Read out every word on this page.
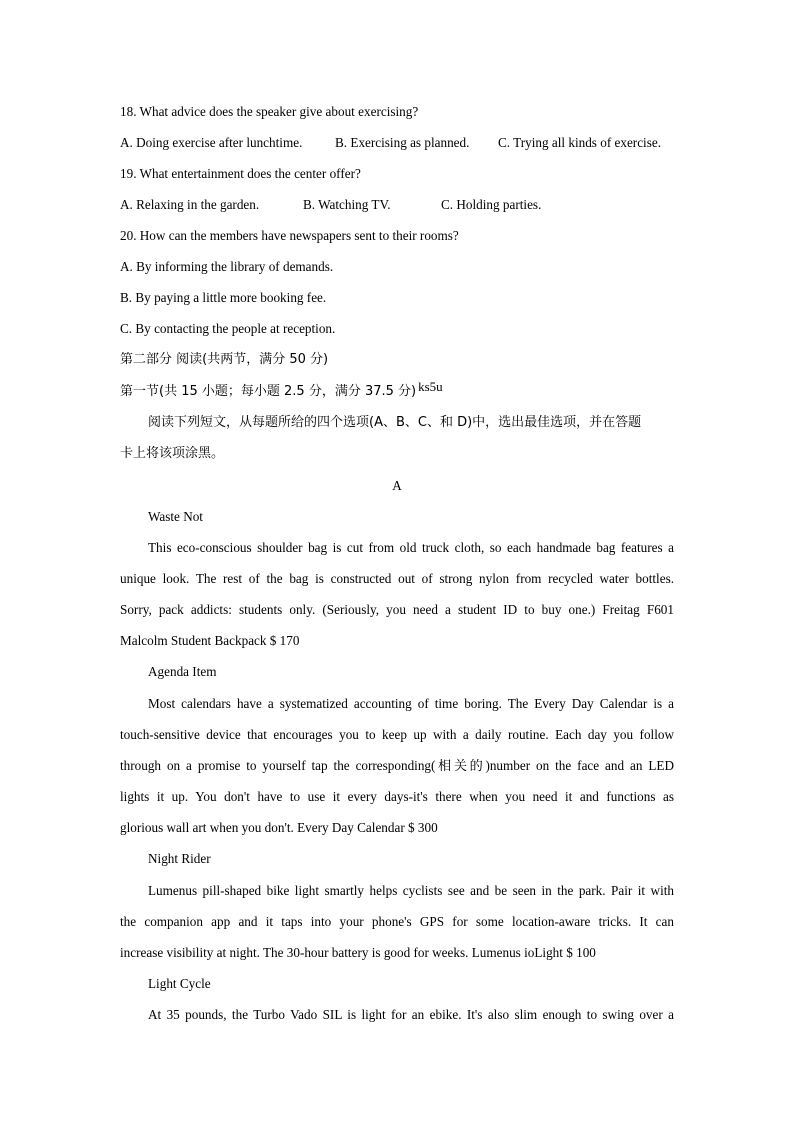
18. What advice does the speaker give about exercising?
A. Doing exercise after lunchtime.	B. Exercising as planned.	C. Trying all kinds of exercise.
19. What entertainment does the center offer?
A. Relaxing in the garden.	B. Watching TV.	C. Holding parties.
20. How can the members have newspapers sent to their rooms?
A. By informing the library of demands.
B. By paying a little more booking fee.
C. By contacting the people at reception.
第二部分 阅读(共两节，满分 50 分)
第一节(共 15 小题；每小题 2.5 分，满分 37.5 分) ks5u
阅读下列短文，从每题所给的四个选项(A、B、C、和 D)中，选出最佳选项，并在答题
卡上将该项涂黑。
A
Waste Not
This eco-conscious shoulder bag is cut from old truck cloth, so each handmade bag features a
unique look. The rest of the bag is constructed out of strong nylon from recycled water bottles.
Sorry, pack addicts: students only. (Seriously, you need a student ID to buy one.) Freitag F601
Malcolm Student Backpack $ 170
Agenda Item
Most calendars have a systematized accounting of time boring. The Every Day Calendar is a
touch-sensitive device that encourages you to keep up with a daily routine. Each day you follow
through on a promise to yourself tap the corresponding(相关的)number on the face and an LED
lights it up. You don't have to use it every days-it's there when you need it and functions as
glorious wall art when you don't. Every Day Calendar $ 300
Night Rider
Lumenus pill-shaped bike light smartly helps cyclists see and be seen in the park. Pair it with
the companion app and it taps into your phone's GPS for some location-aware tricks. It can
increase visibility at night. The 30-hour battery is good for weeks. Lumenus ioLight $ 100
Light Cycle
At 35 pounds, the Turbo Vado SIL is light for an ebike. It's also slim enough to swing over a
